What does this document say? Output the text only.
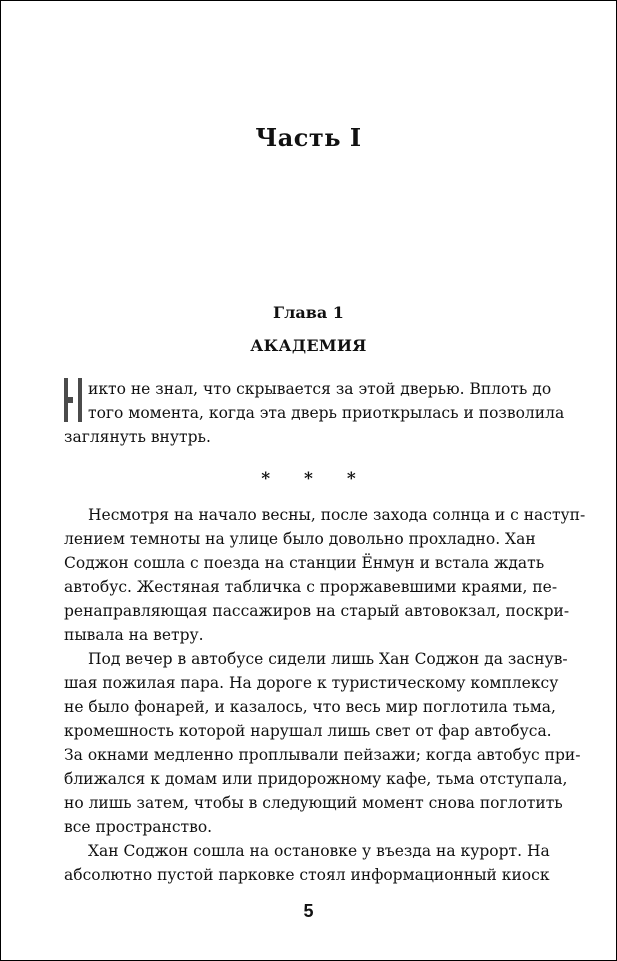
Часть I
Глава 1
АКАДЕМИЯ
икто не знал, что скрывается за этой дверью. Вплоть до
того момента, когда эта дверь приоткрылась и позволила
заглянуть внутрь.
* * *
Несмотря на начало весны, после захода солнца и с наступ-
лением темноты на улице было довольно прохладно. Хан
Соджон сошла с поезда на станции Ёнмун и встала ждать
автобус. Жестяная табличка с проржавевшими краями, пе-
ренаправляющая пассажиров на старый автовокзал, поскри-
пывала на ветру.
Под вечер в автобусе сидели лишь Хан Соджон да заснув-
шая пожилая пара. На дороге к туристическому комплексу
не было фонарей, и казалось, что весь мир поглотила тьма,
кромешность которой нарушал лишь свет от фар автобуса.
За окнами медленно проплывали пейзажи; когда автобус при-
ближался к домам или придорожному кафе, тьма отступала,
но лишь затем, чтобы в следующий момент снова поглотить
все пространство.
Хан Соджон сошла на остановке у въезда на курорт. На
абсолютно пустой парковке стоял информационный киоск
5
